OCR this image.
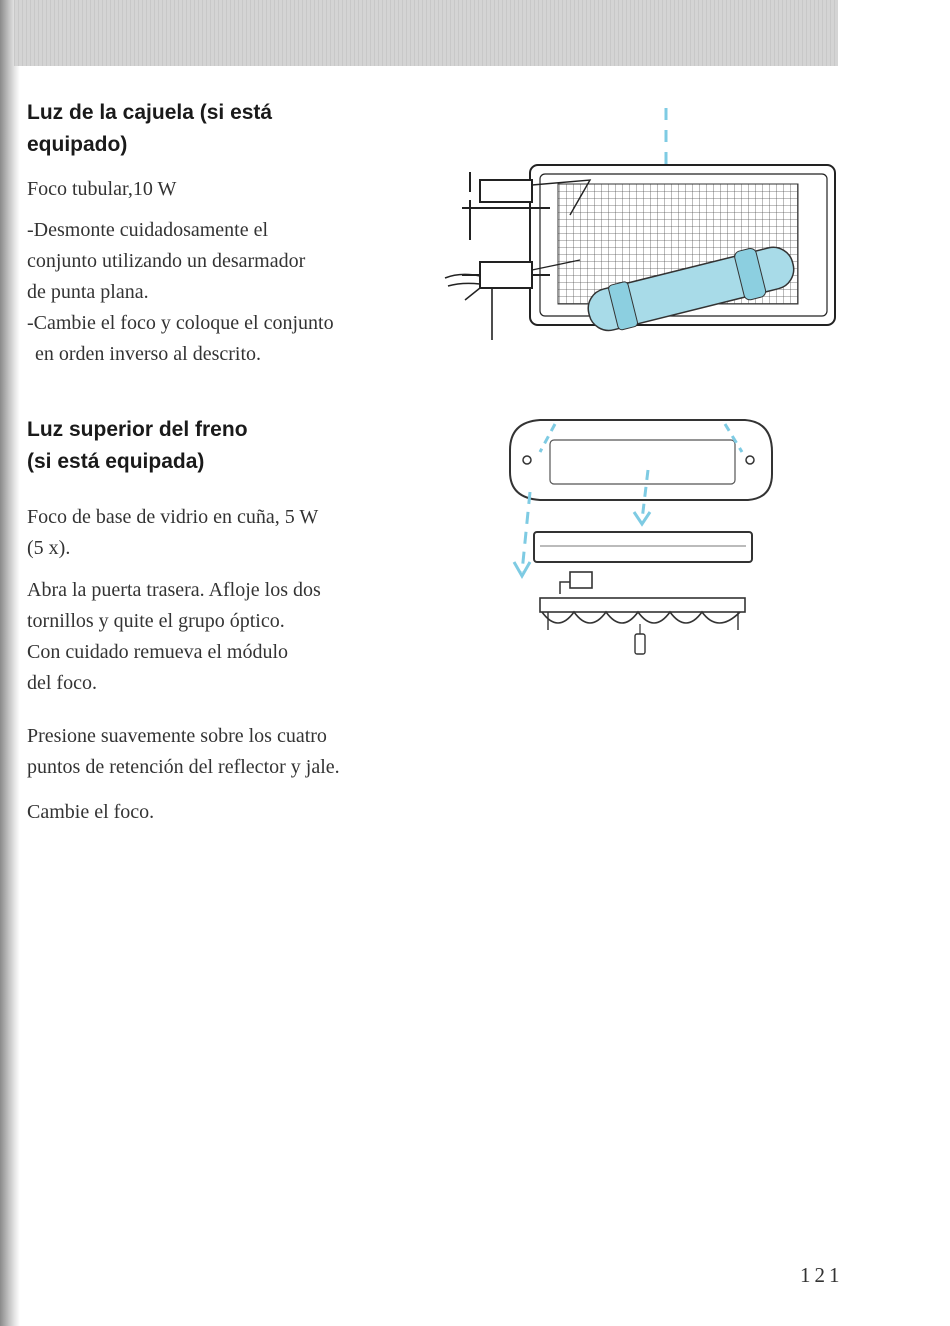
Luz de la cajuela (si está
equipado)

Foco tubular,10 W

-Desmonte cuidadosamente el
conjunto utilizando un desarmador
de punta plana.
-Cambie el foco y coloque el conjunto
en orden inverso al descrito.

Luz superior del freno
(si está equipada)

Foco de base de vidrio en cuña, 5 W
(5 x).

Abra la puerta trasera. Afloje los dos
tornillos y quite el grupo óptico.
Con cuidado remueva el módulo
del foco.

Presione suavemente sobre los cuatro
puntos de retención del reflector y jale.

Cambie el foco.

121
